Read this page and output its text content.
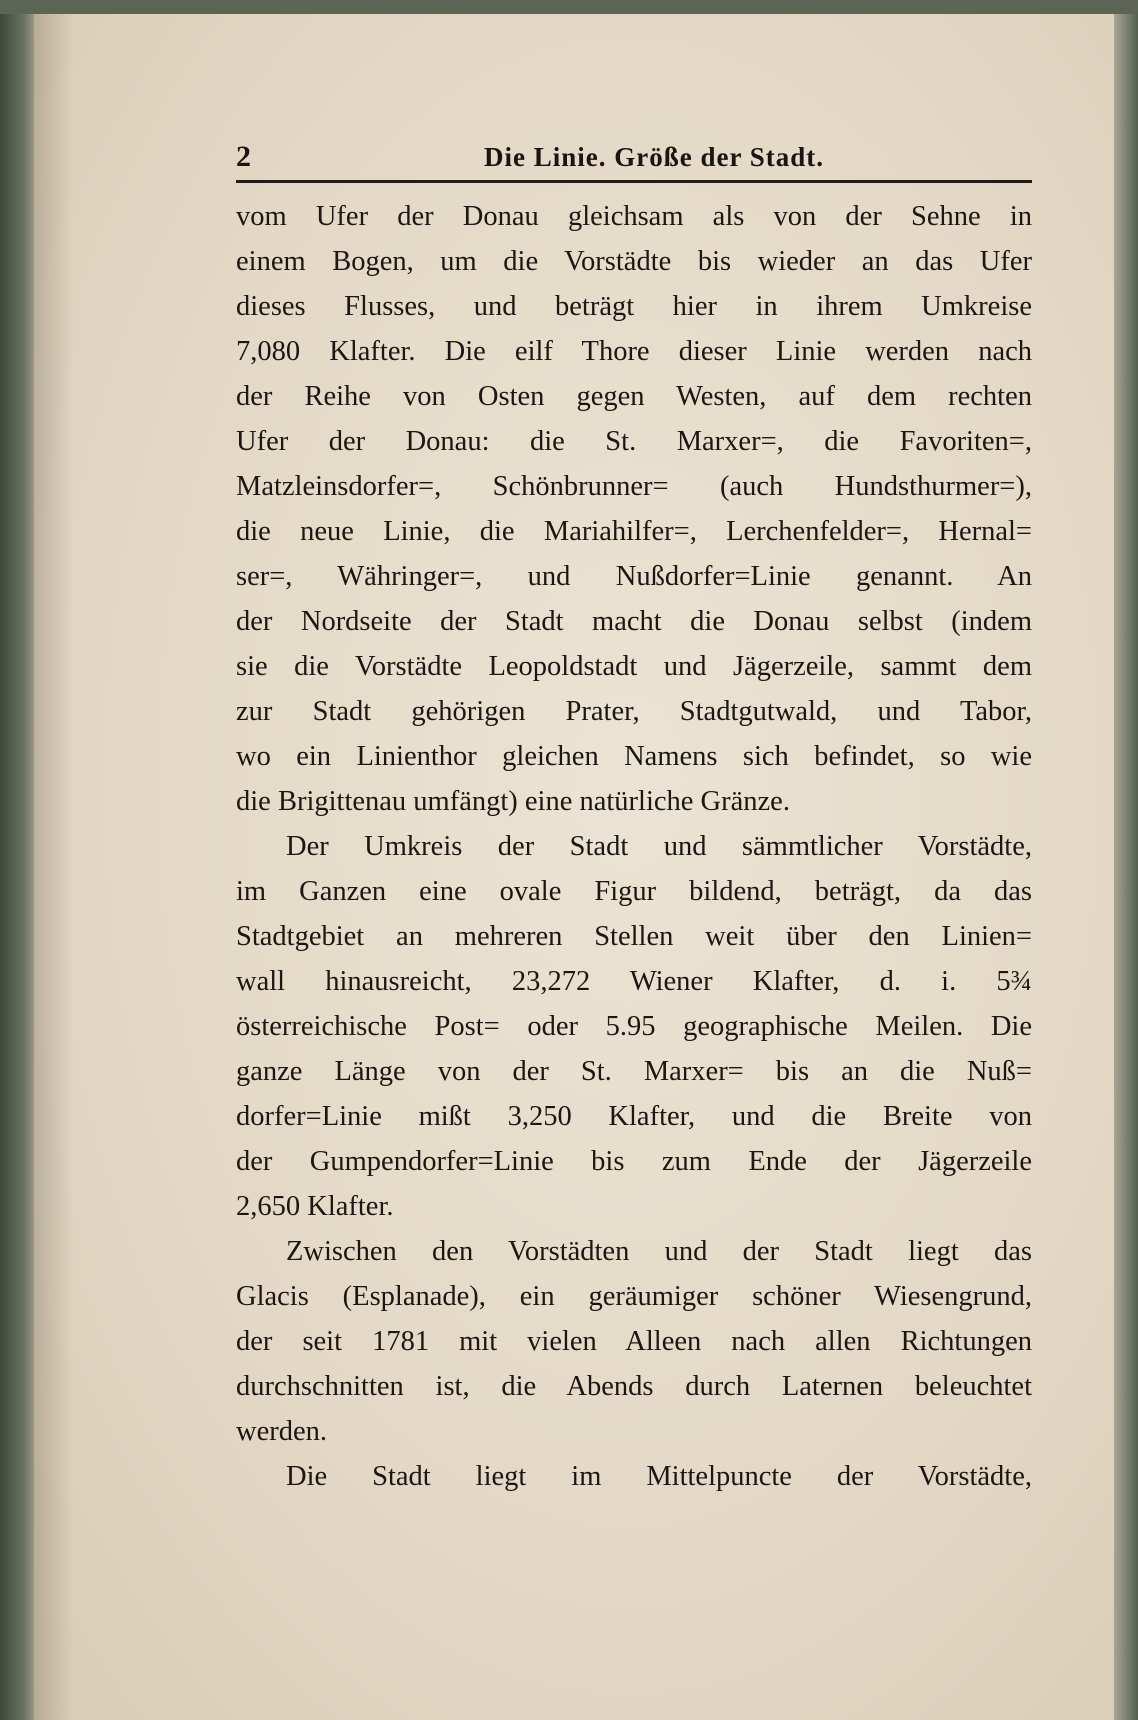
2	Die Linie. Größe der Stadt.
vom Ufer der Donau gleichsam als von der Sehne in
einem Bogen, um die Vorstädte bis wieder an das Ufer
dieses Flusses, und beträgt hier in ihrem Umkreise
7,080 Klafter. Die eilf Thore dieser Linie werden nach
der Reihe von Osten gegen Westen, auf dem rechten
Ufer der Donau: die St. Marxer=, die Favoriten=,
Matzleinsdorfer=, Schönbrunner= (auch Hundsthurmer=),
die neue Linie, die Mariahilfer=, Lerchenfelder=, Hernal=
ser=, Währinger=, und Nußdorfer=Linie genannt. An
der Nordseite der Stadt macht die Donau selbst (indem
sie die Vorstädte Leopoldstadt und Jägerzeile, sammt dem
zur Stadt gehörigen Prater, Stadtgutwald, und Tabor,
wo ein Linienthor gleichen Namens sich befindet, so wie
die Brigittenau umfängt) eine natürliche Gränze.
Der Umkreis der Stadt und sämmtlicher Vorstädte,
im Ganzen eine ovale Figur bildend, beträgt, da das
Stadtgebiet an mehreren Stellen weit über den Linien=
wall hinausreicht, 23,272 Wiener Klafter, d. i. 5¾
österreichische Post= oder 5.95 geographische Meilen. Die
ganze Länge von der St. Marxer= bis an die Nuß=
dorfer=Linie mißt 3,250 Klafter, und die Breite von
der Gumpendorfer=Linie bis zum Ende der Jägerzeile
2,650 Klafter.
Zwischen den Vorstädten und der Stadt liegt das
Glacis (Esplanade), ein geräumiger schöner Wiesengrund,
der seit 1781 mit vielen Alleen nach allen Richtungen
durchschnitten ist, die Abends durch Laternen beleuchtet
werden.
Die Stadt liegt im Mittelpuncte der Vorstädte,
